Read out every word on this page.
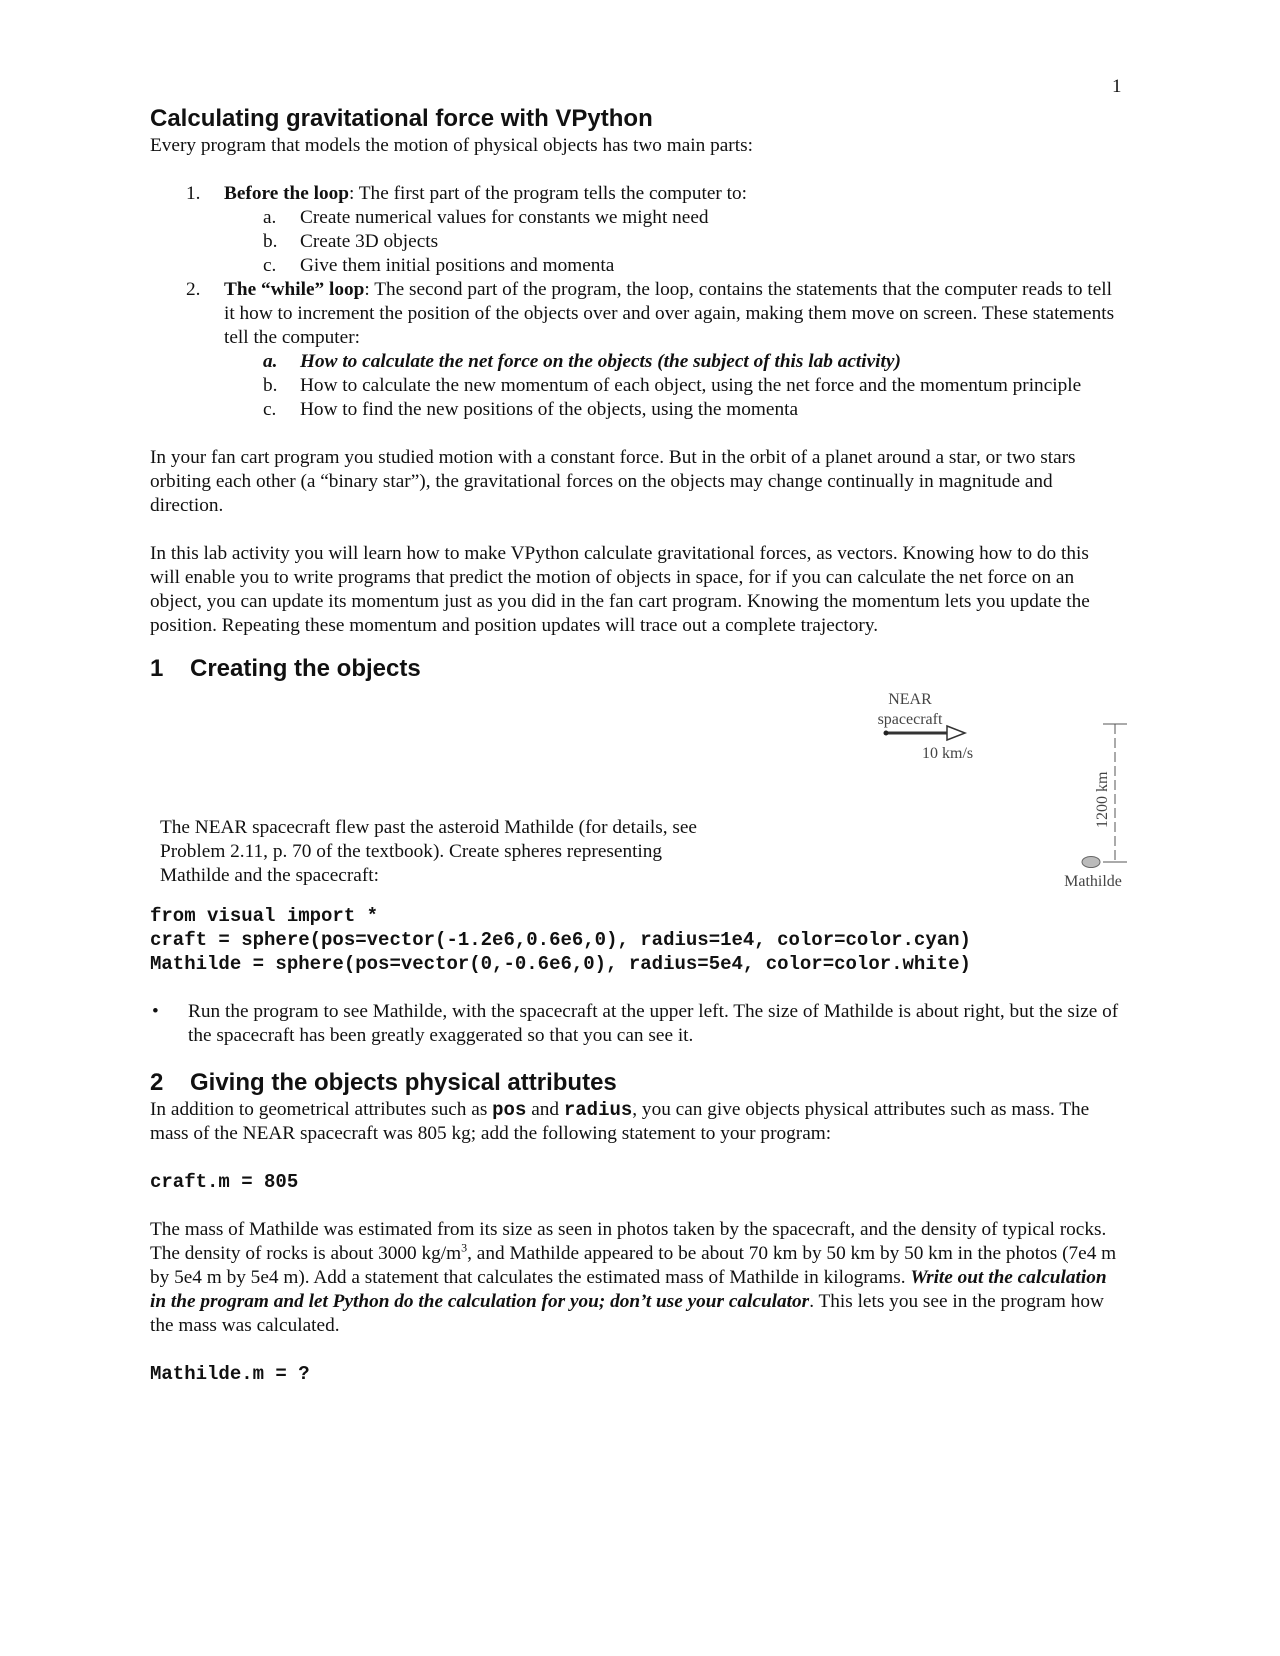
1
Calculating gravitational force with VPython

Every program that models the motion of physical objects has two main parts:

1. Before the loop: The first part of the program tells the computer to:
a. Create numerical values for constants we might need
b. Create 3D objects
c. Give them initial positions and momenta
2. The “while” loop: The second part of the program, the loop, contains the statements that the computer reads to tell it how to increment the position of the objects over and over again, making them move on screen. These statements tell the computer:
a. How to calculate the net force on the objects (the subject of this lab activity)
b. How to calculate the new momentum of each object, using the net force and the momentum principle
c. How to find the new positions of the objects, using the momenta

In your fan cart program you studied motion with a constant force. But in the orbit of a planet around a star, or two stars orbiting each other (a “binary star”), the gravitational forces on the objects may change continually in magnitude and direction.

In this lab activity you will learn how to make VPython calculate gravitational forces, as vectors. Knowing how to do this will enable you to write programs that predict the motion of objects in space, for if you can calculate the net force on an object, you can update its momentum just as you did in the fan cart program. Knowing the momentum lets you update the position. Repeating these momentum and position updates will trace out a complete trajectory.

1 Creating the objects

The NEAR spacecraft flew past the asteroid Mathilde (for details, see Problem 2.11, p. 70 of the textbook). Create spheres representing Mathilde and the spacecraft:

NEAR
spacecraft
10 km/s
1200 km
Mathilde
from visual import *
craft = sphere(pos=vector(-1.2e6,0.6e6,0), radius=1e4, color=color.cyan)
Mathilde = sphere(pos=vector(0,-0.6e6,0), radius=5e4, color=color.white)
• Run the program to see Mathilde, with the spacecraft at the upper left. The size of Mathilde is about right, but the size of the spacecraft has been greatly exaggerated so that you can see it.
2 Giving the objects physical attributes

In addition to geometrical attributes such as pos and radius, you can give objects physical attributes such as mass. The mass of the NEAR spacecraft was 805 kg; add the following statement to your program:

craft.m = 805

The mass of Mathilde was estimated from its size as seen in photos taken by the spacecraft, and the density of typical rocks. The density of rocks is about 3000 $kg/m^3$, and Mathilde appeared to be about 70 km by 50 km by 50 km in the photos (7e4 m by 5e4 m by 5e4 m). Add a statement that calculates the estimated mass of Mathilde in kilograms. Write out the calculation in the program and let Python do the calculation for you; don’t use your calculator. This lets you see in the program how the mass was calculated.

Mathilde.m = ?
